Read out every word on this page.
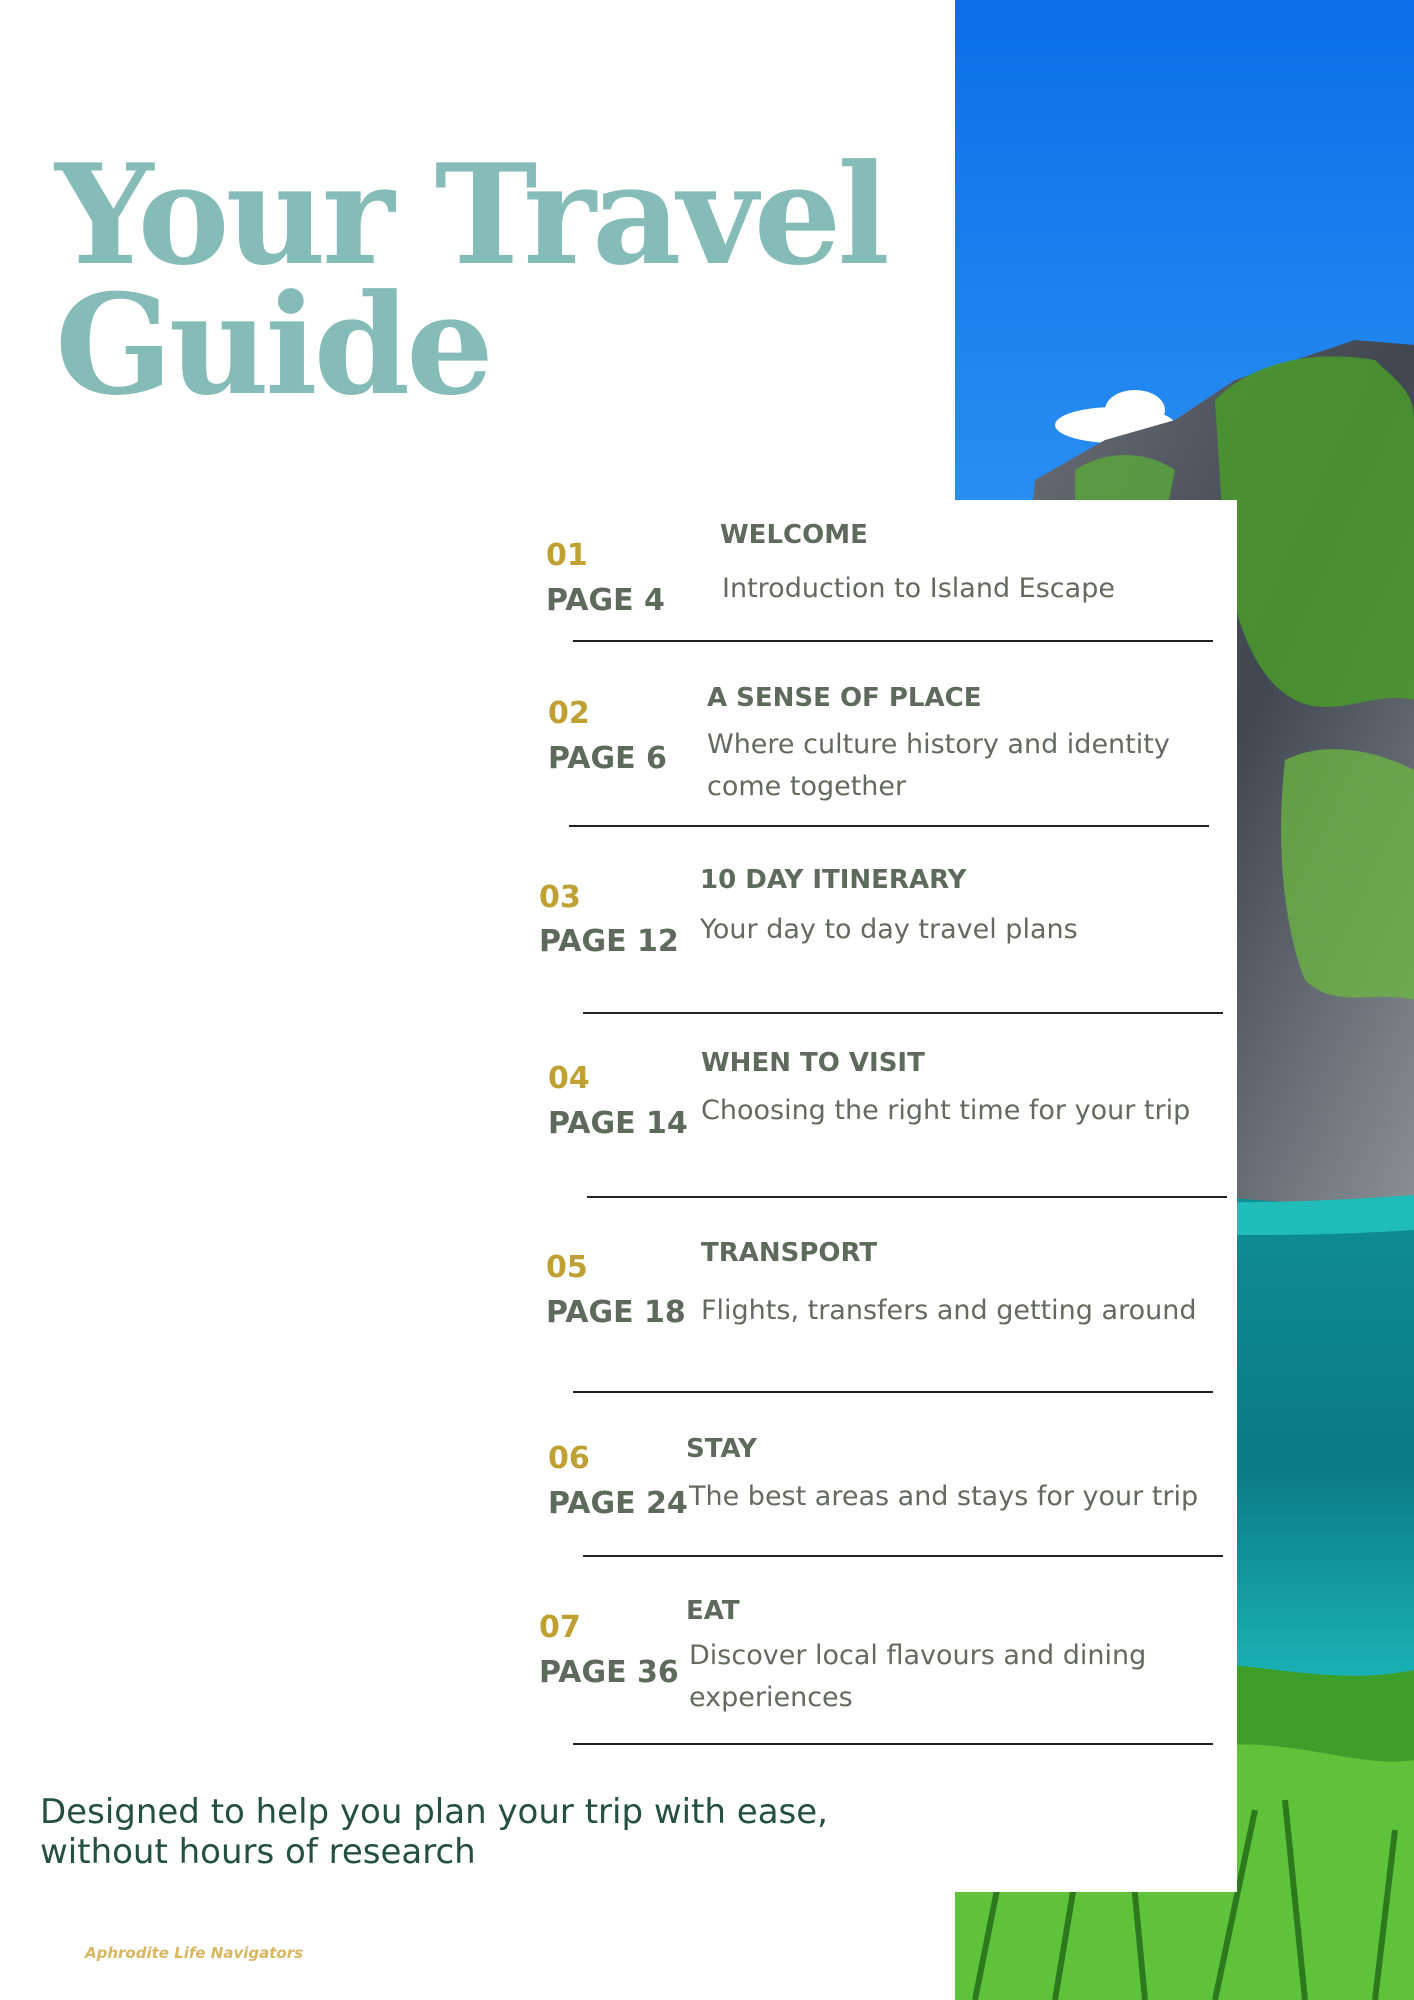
Your Travel
Guide
01
PAGE 4
WELCOME
Introduction to Island Escape
02
PAGE 6
A SENSE OF PLACE
Where culture history and identity come together
03
PAGE 12
10 DAY ITINERARY
Your day to day travel plans
04
PAGE 14
WHEN TO VISIT
Choosing the right time for your trip
05
PAGE 18
TRANSPORT
Flights, transfers and getting around
06
PAGE 24
STAY
The best areas and stays for your trip
07
PAGE 36
EAT
Discover local flavours and dining experiences

Designed to help you plan your trip with ease,
without hours of research

Aphrodite Life Navigators
